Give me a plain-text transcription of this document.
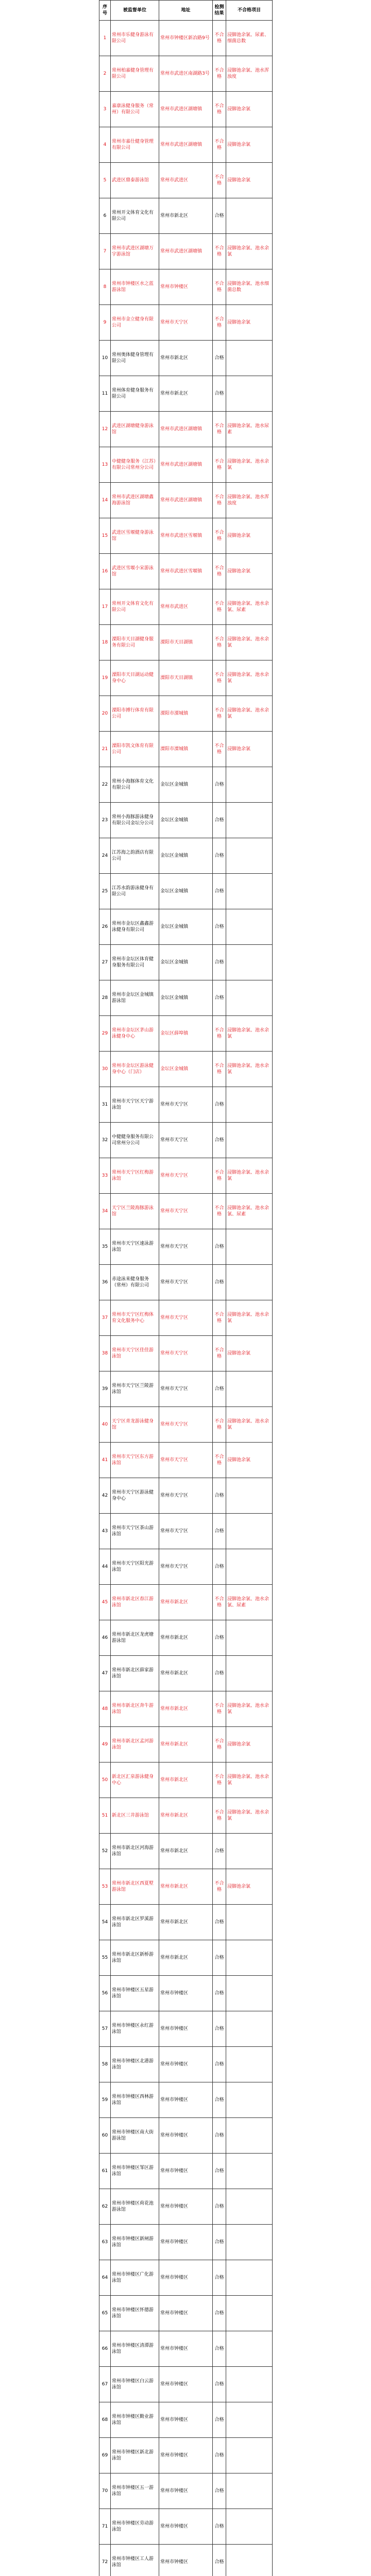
序号	被监督单位	地址	检测结果	不合格项目
1	常州市乐健身游泳有限公司	常州市钟楼区新冶路9号	不合格	浸脚池余氯、尿素、细菌总数
2	常州柏嘉健身管理有限公司	常州市武进区南湖路3号	不合格	浸脚池余氯、池水浑浊度
3	嘉康泳健身服务（常州）有限公司	常州市武进区湖塘镇	不合格	浸脚池余氯
4	常州市嘉仕健身管理有限公司	常州市武进区湖塘镇	不合格	浸脚池余氯
5	武进区鼎泰游泳馆	常州市武进区	不合格	浸脚池余氯
6	常州开文体育文化有限公司	常州市新北区	合格	
7	常州市武进区湖塘万宇游泳馆	常州市武进区湖塘镇	不合格	浸脚池余氯、池水余氯
8	常州市钟楼区水之蓝游泳馆	常州市钟楼区	不合格	浸脚池余氯、池水细菌总数
9	常州市金立健身有限公司	常州市天宁区	不合格	浸脚池余氯
10	常州奥体健身管理有限公司	常州市新北区	合格	
11	常州体育健身服务有限公司	常州市新北区	合格	
12	武进区湖塘健身游泳馆	常州市武进区湖塘镇	不合格	浸脚池余氯、池水尿素
13	中健健身服务（江苏）有限公司常州分公司	常州市武进区湖塘镇	不合格	浸脚池余氯、池水余氯
14	常州市武进区湖塘鑫海游泳馆	常州市武进区湖塘镇	不合格	浸脚池余氯、池水浑浊度
15	武进区雪堰健身游泳馆	常州市武进区雪堰镇	不合格	浸脚池余氯
16	武进区雪堰小宋游泳馆	常州市武进区雪堰镇	不合格	浸脚池余氯
17	常州开文体育文化有限公司	常州市武进区	不合格	浸脚池余氯、池水余氯、尿素
18	溧阳市天目湖健身服务有限公司	溧阳市天目湖镇	不合格	浸脚池余氯、池水余氯
19	溧阳市天目湖运动健身中心	溧阳市天目湖镇	不合格	浸脚池余氯、池水余氯
20	溧阳市搏行体育有限公司	溧阳市溧城镇	不合格	浸脚池余氯、池水余氯
21	溧阳市凯文体育有限公司	溧阳市溧城镇	不合格	浸脚池余氯
22	常州小海豚体育文化有限公司	金坛区金城镇	合格	
23	常州小海豚游泳健身有限公司金坛分公司	金坛区金城镇	合格	
24	江苏海之韵酒店有限公司	金坛区金城镇	合格	
25	江苏水韵游泳健身有限公司	金坛区金城镇	合格	
26	常州市金坛区鑫鑫游泳健身有限公司	金坛区金城镇	合格	
27	常州市金坛区体育健身服务有限公司	金坛区金城镇	合格	
28	常州市金坛区金城镇游泳馆	金坛区金城镇	合格	
29	常州市金坛区茅山游泳健身中心	金坛区薛埠镇	不合格	浸脚池余氯、池水余氯
30	常州市金坛区游泳健身中心（门店）	金坛区金城镇	不合格	浸脚池余氯、池水余氯
31	常州市天宁区天宁游泳馆	常州市天宁区	合格	
32	中健健身服务有限公司常州分公司	常州市天宁区	合格	
33	常州市天宁区红梅游泳馆	常州市天宁区	不合格	浸脚池余氯、池水余氯
34	天宁区兰陵海豚游泳馆	常州市天宁区	不合格	浸脚池余氯、池水余氯、尿素
35	常州市天宁区速泳游泳馆	常州市天宁区	合格	
36	赤途泳来健身服务（常州）有限公司	常州市天宁区	合格	
37	常州市天宁区红梅体育文化服务中心	常州市天宁区	不合格	浸脚池余氯、池水余氯
38	常州市天宁区佳佳游泳馆	常州市天宁区	不合格	浸脚池余氯
39	常州市天宁区兰陵游泳馆	常州市天宁区	合格	
40	天宁区青龙游泳健身馆	常州市天宁区	不合格	浸脚池余氯、池水余氯
41	常州市天宁区东方游泳馆	常州市天宁区	不合格	浸脚池余氯
42	常州市天宁区游泳健身中心	常州市天宁区	合格	
43	常州市天宁区茶山游泳馆	常州市天宁区	合格	
44	常州市天宁区阳光游泳馆	常州市天宁区	合格	
45	常州市新北区春江游泳馆	常州市新北区	不合格	浸脚池余氯、池水余氯、尿素
46	常州市新北区龙虎塘游泳馆	常州市新北区	合格	
47	常州市新北区薛家游泳馆	常州市新北区	合格	
48	常州市新北区奔牛游泳馆	常州市新北区	不合格	浸脚池余氯、池水余氯
49	常州市新北区孟河游泳馆	常州市新北区	不合格	浸脚池余氯
50	新北区汇泉游泳健身中心	常州市新北区	不合格	浸脚池余氯、池水余氯
51	新北区三井游泳馆	常州市新北区	不合格	浸脚池余氯、池水余氯
52	常州市新北区河海游泳馆	常州市新北区	合格	
53	常州市新北区西夏墅游泳馆	常州市新北区	不合格	浸脚池余氯
54	常州市新北区罗溪游泳馆	常州市新北区	合格	
55	常州市新北区新桥游泳馆	常州市新北区	合格	
56	常州市钟楼区五星游泳馆	常州市钟楼区	合格	
57	常州市钟楼区永红游泳馆	常州市钟楼区	合格	
58	常州市钟楼区北港游泳馆	常州市钟楼区	合格	
59	常州市钟楼区西林游泳馆	常州市钟楼区	合格	
60	常州市钟楼区南大街游泳馆	常州市钟楼区	合格	
61	常州市钟楼区邹区游泳馆	常州市钟楼区	合格	
62	常州市钟楼区荷花池游泳馆	常州市钟楼区	合格	
63	常州市钟楼区新闸游泳馆	常州市钟楼区	合格	
64	常州市钟楼区广化游泳馆	常州市钟楼区	合格	
65	常州市钟楼区怀德游泳馆	常州市钟楼区	合格	
66	常州市钟楼区清潭游泳馆	常州市钟楼区	合格	
67	常州市钟楼区白云游泳馆	常州市钟楼区	合格	
68	常州市钟楼区勤业游泳馆	常州市钟楼区	合格	
69	常州市钟楼区新北游泳馆	常州市钟楼区	合格	
70	常州市钟楼区五一游泳馆	常州市钟楼区	合格	
71	常州市钟楼区劳动游泳馆	常州市钟楼区	合格	
72	常州市钟楼区工人游泳馆	常州市钟楼区	合格	
